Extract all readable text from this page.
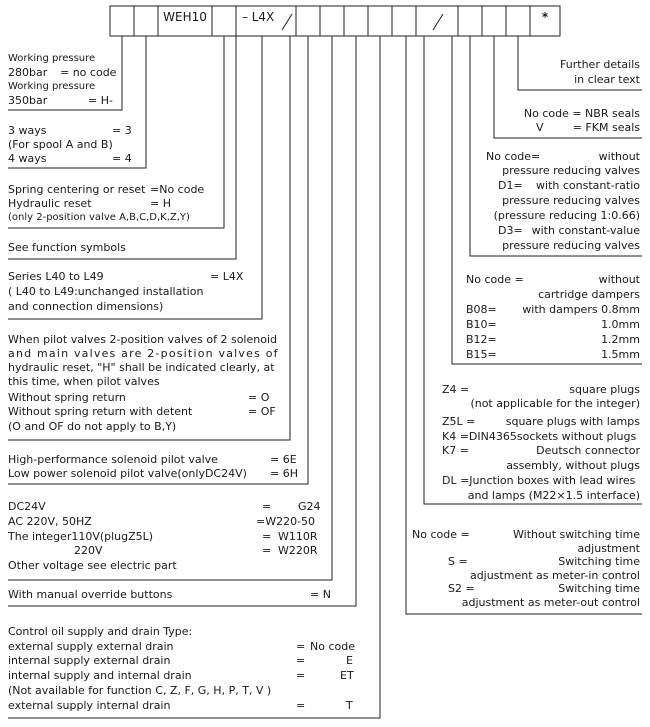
WEH10	– L4X	*
Working pressure
280bar = no code
Working pressure
350bar	= H-
3 ways	= 3
(For spool A and B)
4 ways	= 4
Spring centering or reset =No code
Hydraulic reset	= H
(only 2-position valve A,B,C,D,K,Z,Y)
See function symbols
Series L40 to L49	= L4X
( L40 to L49:unchanged installation
and connection dimensions)
When pilot valves 2-position valves of 2 solenoid
and main valves are 2-position valves of
hydraulic reset, "H" shall be indicated clearly, at
this time, when pilot valves
Without spring return	= O
Without spring return with detent	= OF
(O and OF do not apply to B,Y)
High-performance solenoid pilot valve	= 6E
Low power solenoid pilot valve(onlyDC24V) = 6H
DC24V	= G24
AC 220V, 50HZ	=W220-50
The integer110V(plugZ5L)	= W110R
220V	= W220R
Other voltage see electric part
With manual override buttons	= N
Control oil supply and drain Type:
external supply external drain	= No code
internal supply external drain	=	E
internal supply and internal drain	=	ET
(Not available for function C, Z, F, G, H, P, T, V )
external supply internal drain	=	T
Further details
in clear text
No code = NBR seals
V	= FKM seals
No code=	without
pressure reducing valves
D1= with constant-ratio
pressure reducing valves
(pressure reducing 1:0.66)
D3= with constant-value
pressure reducing valves
No code =	without
cartridge dampers
B08= with dampers 0.8mm
B10=	1.0mm
B12=	1.2mm
B15=	1.5mm
Z4 =	square plugs
(not applicable for the integer)
Z5L =	square plugs with lamps
K4 =DIN4365sockets without plugs
K7 =	Deutsch connector
assembly, without plugs
DL =Junction boxes with lead wires
and lamps (M22×1.5 interface)
No code =	Without switching time
adjustment
S =	Switching time
adjustment as meter-in control
S2 =	Switching time
adjustment as meter-out control
